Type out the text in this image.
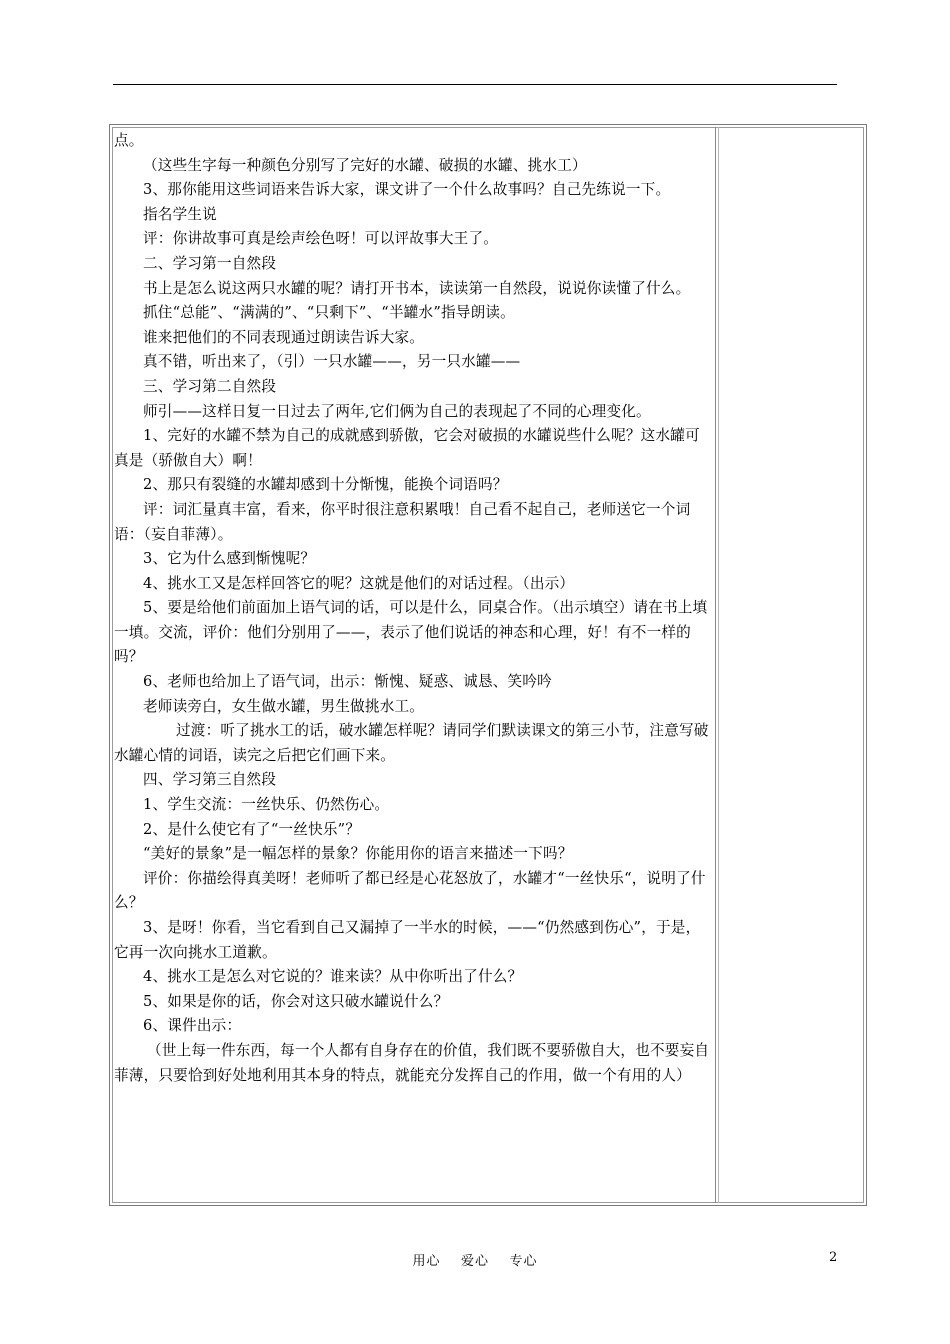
点。

（这些生字每一种颜色分别写了完好的水罐、破损的水罐、挑水工）

3、那你能用这些词语来告诉大家，课文讲了一个什么故事吗？自己先练说一下。

指名学生说

评：你讲故事可真是绘声绘色呀！可以评故事大王了。

二、学习第一自然段

书上是怎么说这两只水罐的呢？请打开书本，读读第一自然段，说说你读懂了什么。

抓住“总能”、“满满的”、“只剩下”、“半罐水”指导朗读。

谁来把他们的不同表现通过朗读告诉大家。

真不错，听出来了，（引）一只水罐——，另一只水罐——

三、学习第二自然段

师引——这样日复一日过去了两年,它们俩为自己的表现起了不同的心理变化。

1、完好的水罐不禁为自己的成就感到骄傲，它会对破损的水罐说些什么呢？这水罐可真是（骄傲自大）啊！

2、那只有裂缝的水罐却感到十分惭愧，能换个词语吗？

评：词汇量真丰富，看来，你平时很注意积累哦！自己看不起自己，老师送它一个词语：（妄自菲薄）。

3、它为什么感到惭愧呢？

4、挑水工又是怎样回答它的呢？这就是他们的对话过程。（出示）

5、要是给他们前面加上语气词的话，可以是什么，同桌合作。（出示填空）请在书上填一填。交流，评价：他们分别用了——，表示了他们说话的神态和心理，好！有不一样的吗？

6、老师也给加上了语气词，出示：惭愧、疑惑、诚恳、笑吟吟

老师读旁白，女生做水罐，男生做挑水工。

过渡：听了挑水工的话，破水罐怎样呢？请同学们默读课文的第三小节，注意写破水罐心情的词语，读完之后把它们画下来。

四、学习第三自然段

1、学生交流：一丝快乐、仍然伤心。

2、是什么使它有了“一丝快乐”？

“美好的景象”是一幅怎样的景象？你能用你的语言来描述一下吗？

评价：你描绘得真美呀！老师听了都已经是心花怒放了，水罐才“一丝快乐“，说明了什么？

3、是呀！你看，当它看到自己又漏掉了一半水的时候，——“仍然感到伤心”，于是，它再一次向挑水工道歉。

4、挑水工是怎么对它说的？谁来读？从中你听出了什么？

5、如果是你的话，你会对这只破水罐说什么？

6、课件出示：

（世上每一件东西，每一个人都有自身存在的价值，我们既不要骄傲自大，也不要妄自菲薄，只要恰到好处地利用其本身的特点，就能充分发挥自己的作用，做一个有用的人）

用心    爱心    专心	2
